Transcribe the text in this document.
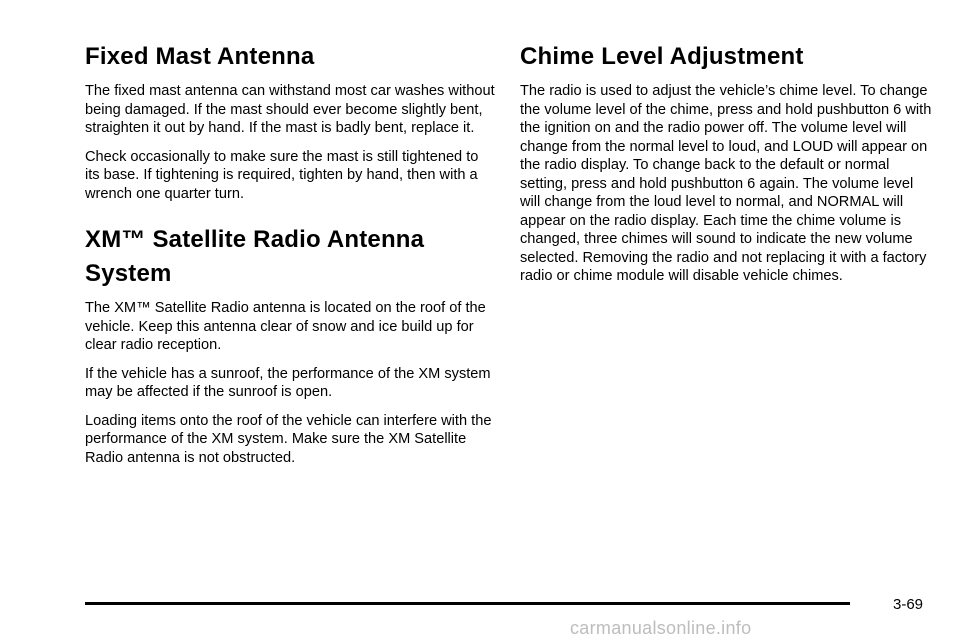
Fixed Mast Antenna

The fixed mast antenna can withstand most car washes without being damaged. If the mast should ever become slightly bent, straighten it out by hand. If the mast is badly bent, replace it.

Check occasionally to make sure the mast is still tightened to its base. If tightening is required, tighten by hand, then with a wrench one quarter turn.

XM™ Satellite Radio Antenna System

The XM™ Satellite Radio antenna is located on the roof of the vehicle. Keep this antenna clear of snow and ice build up for clear radio reception.

If the vehicle has a sunroof, the performance of the XM system may be affected if the sunroof is open.

Loading items onto the roof of the vehicle can interfere with the performance of the XM system. Make sure the XM Satellite Radio antenna is not obstructed.

Chime Level Adjustment

The radio is used to adjust the vehicle’s chime level. To change the volume level of the chime, press and hold pushbutton 6 with the ignition on and the radio power off. The volume level will change from the normal level to loud, and LOUD will appear on the radio display. To change back to the default or normal setting, press and hold pushbutton 6 again. The volume level will change from the loud level to normal, and NORMAL will appear on the radio display. Each time the chime volume is changed, three chimes will sound to indicate the new volume selected. Removing the radio and not replacing it with a factory radio or chime module will disable vehicle chimes.

3-69
carmanualsonline.info
